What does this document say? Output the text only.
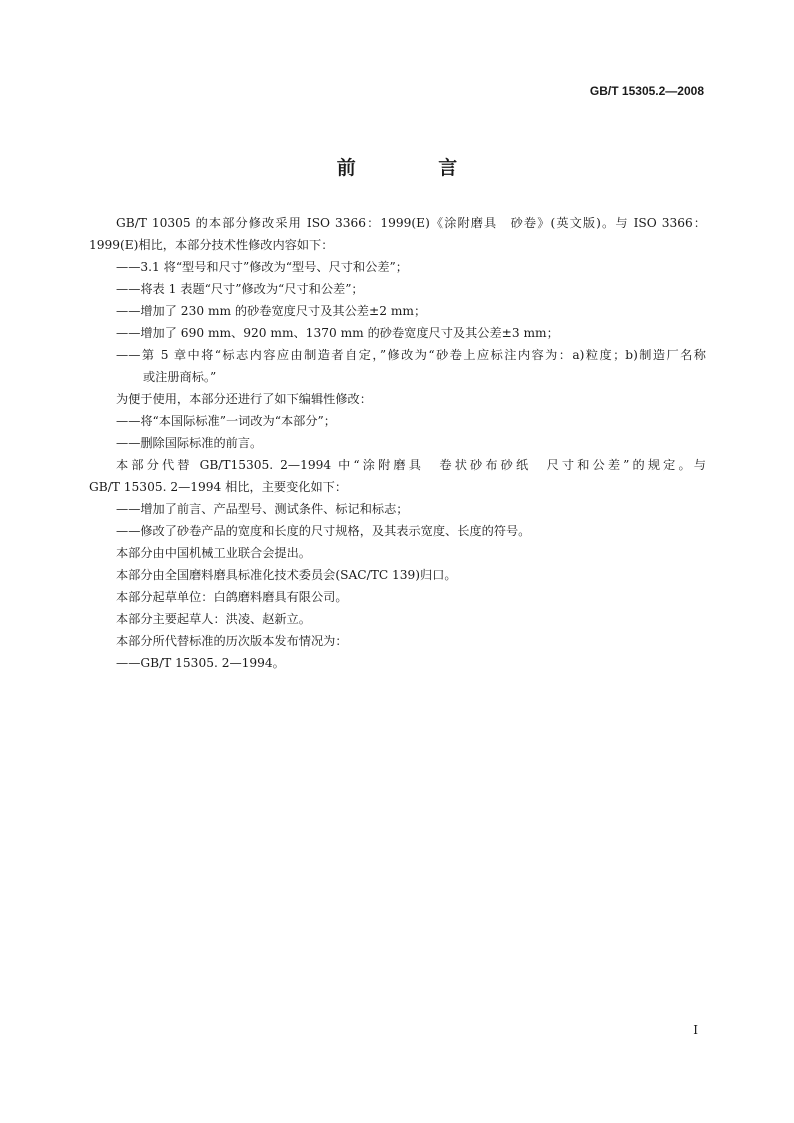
GB/T 15305.2—2008
前 言

GB/T 10305 的本部分修改采用 ISO 3366：1999(E)《涂附磨具　砂卷》(英文版)。与 ISO 3366：

1999(E)相比，本部分技术性修改内容如下：

——3.1 将“型号和尺寸”修改为“型号、尺寸和公差”；

——将表 1 表题“尺寸”修改为“尺寸和公差”；

——增加了 230 mm 的砂卷宽度尺寸及其公差±2 mm；

——增加了 690 mm、920 mm、1370 mm 的砂卷宽度尺寸及其公差±3 mm；

——第 5 章中将“标志内容应由制造者自定，”修改为“砂卷上应标注内容为：a)粒度；b)制造厂名称

或注册商标。”

为便于使用，本部分还进行了如下编辑性修改：

——将“本国际标准”一词改为“本部分”；

——删除国际标准的前言。

本部分代替 GB/T15305. 2—1994 中“涂附磨具　卷状砂布砂纸　尺寸和公差”的规定。与

GB/T 15305. 2—1994 相比，主要变化如下：

——增加了前言、产品型号、测试条件、标记和标志；

——修改了砂卷产品的宽度和长度的尺寸规格，及其表示宽度、长度的符号。

本部分由中国机械工业联合会提出。

本部分由全国磨料磨具标准化技术委员会(SAC/TC 139)归口。

本部分起草单位：白鸽磨料磨具有限公司。

本部分主要起草人：洪凌、赵新立。

本部分所代替标准的历次版本发布情况为：

——GB/T 15305. 2—1994。

I
